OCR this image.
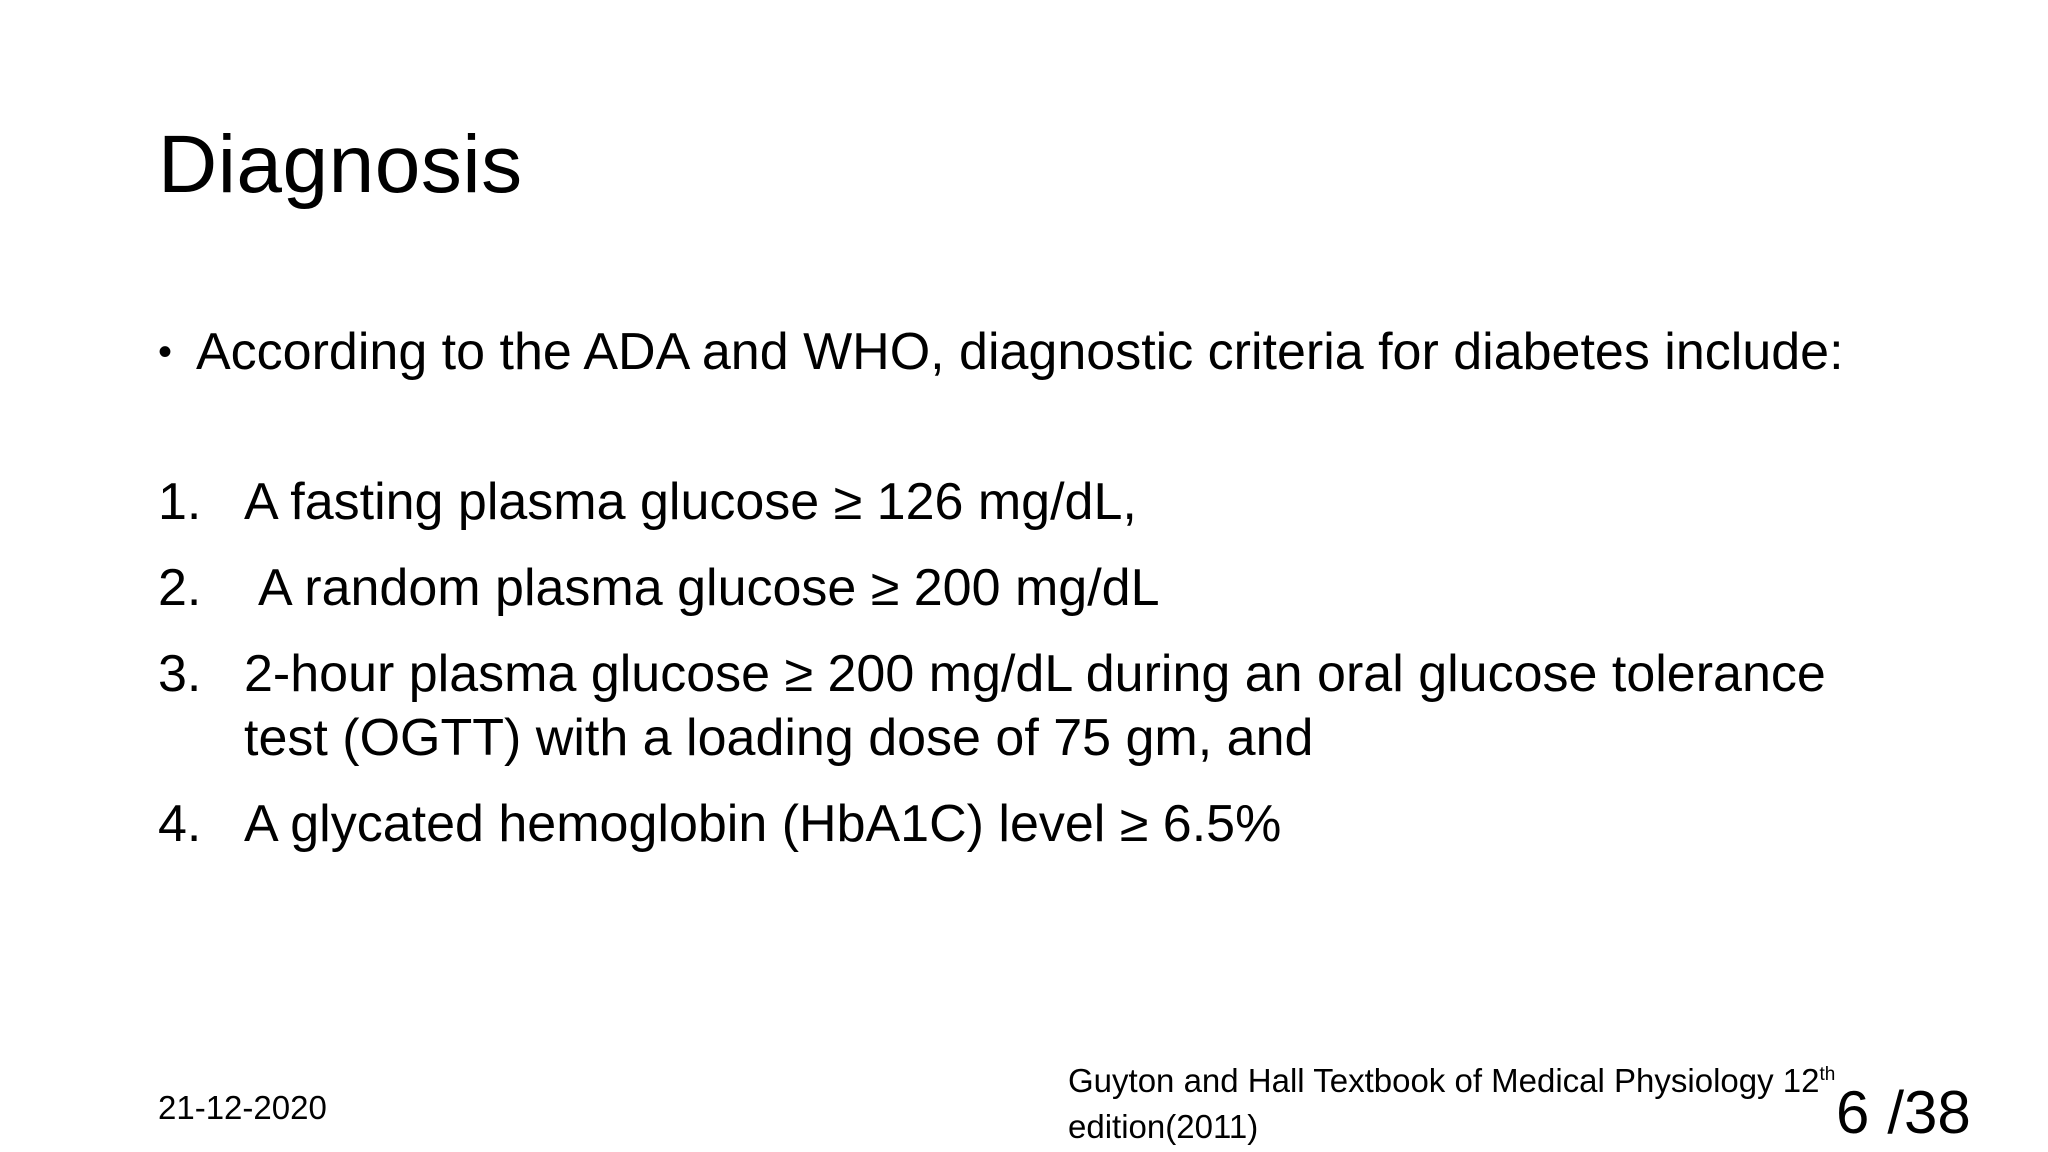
Diagnosis
• According to the ADA and WHO, diagnostic criteria for diabetes include:
1. A fasting plasma glucose ≥ 126 mg/dL,
2.	A random plasma glucose ≥ 200 mg/dL
3. 2-hour plasma glucose ≥ 200 mg/dL during an oral glucose tolerance test (OGTT) with a loading dose of 75 gm, and
4. A glycated hemoglobin (HbA1C) level ≥ 6.5%
21-12-2020
Guyton and Hall Textbook of Medical Physiology 12th
edition(2011)	6 /38
